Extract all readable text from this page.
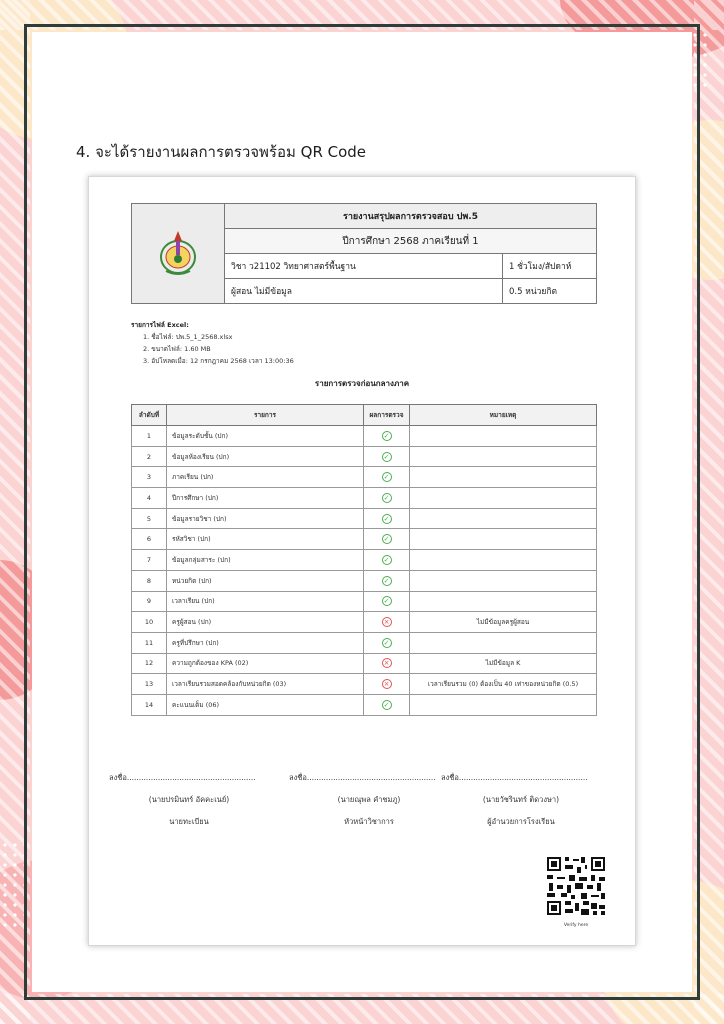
4. จะได้รายงานผลการตรวจพร้อม QR Code
	รายงานสรุปผลการตรวจสอบ ปพ.5	
	ปีการศึกษา 2568 ภาคเรียนที่ 1	
	วิชา ว21102 วิทยาศาสตร์พื้นฐาน	1 ชั่วโมง/สัปดาห์
	ผู้สอน ไม่มีข้อมูล	0.5 หน่วยกิต
รายการไฟล์ Excel:
1. ชื่อไฟล์: ปพ.5_1_2568.xlsx
2. ขนาดไฟล์: 1.60 MB
3. อัปโหลดเมื่อ: 12 กรกฎาคม 2568 เวลา 13:00:36
รายการตรวจก่อนกลางภาค
ลำดับที่	รายการ	ผลการตรวจ	หมายเหตุ
1	ข้อมูลระดับชั้น (ปก)	✓	
2	ข้อมูลห้องเรียน (ปก)	✓	
3	ภาคเรียน (ปก)	✓	
4	ปีการศึกษา (ปก)	✓	
5	ข้อมูลรายวิชา (ปก)	✓	
6	รหัสวิชา (ปก)	✓	
7	ข้อมูลกลุ่มสาระ (ปก)	✓	
8	หน่วยกิต (ปก)	✓	
9	เวลาเรียน (ปก)	✓	
10	ครูผู้สอน (ปก)	×	ไม่มีข้อมูลครูผู้สอน
11	ครูที่ปรึกษา (ปก)	✓	
12	ความถูกต้องของ KPA (02)	×	ไม่มีข้อมูล K
13	เวลาเรียนรวมสอดคล้องกับหน่วยกิต (03)	×	เวลาเรียนรวม (0) ต้องเป็น 40 เท่าของหน่วยกิต (0.5)
14	คะแนนเต็ม (06)	✓	
ลงชื่อ......................................................
(นายปรมินทร์ อัคคะเนย์)
นายทะเบียน
ลงชื่อ......................................................
(นายณุพล คำชมภู)
หัวหน้าวิชาการ
ลงชื่อ......................................................
(นายวัชรินทร์ ติดวงษา)
ผู้อำนวยการโรงเรียน
Verify here
